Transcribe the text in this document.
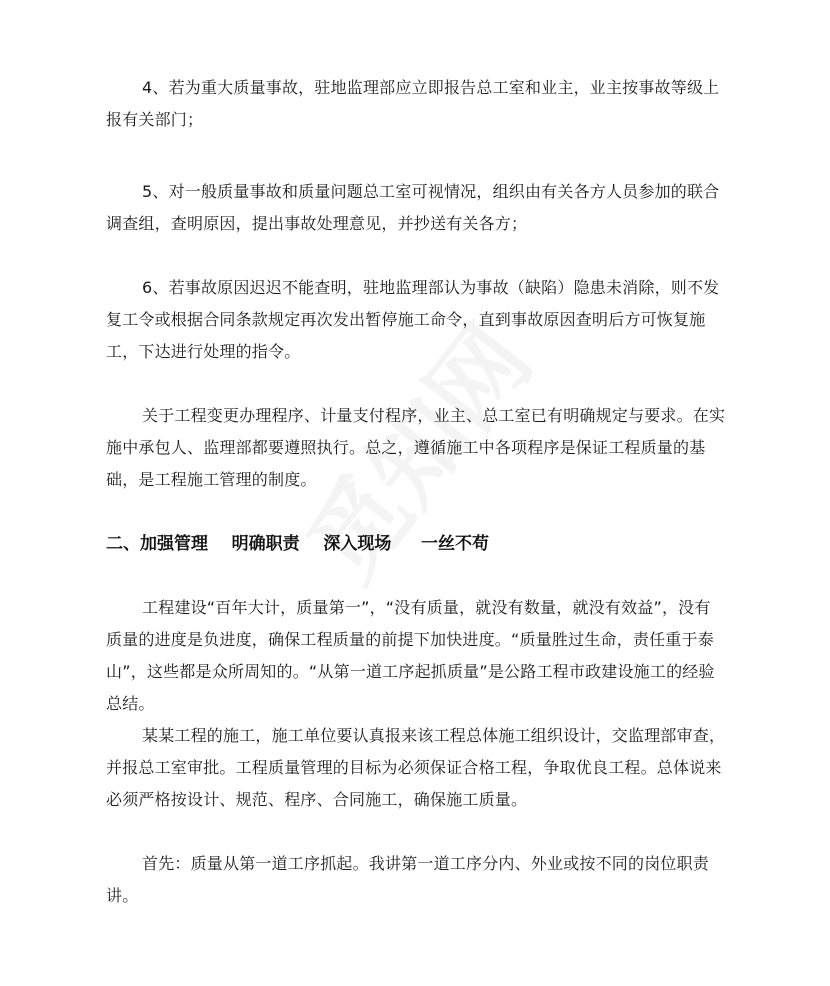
4、若为重大质量事故，驻地监理部应立即报告总工室和业主，业主按事故等级上报有关部门；

5、对一般质量事故和质量问题总工室可视情况，组织由有关各方人员参加的联合调查组，查明原因，提出事故处理意见，并抄送有关各方；

6、若事故原因迟迟不能查明，驻地监理部认为事故（缺陷）隐患未消除，则不发复工令或根据合同条款规定再次发出暂停施工命令，直到事故原因查明后方可恢复施工，下达进行处理的指令。

关于工程变更办理程序、计量支付程序，业主、总工室已有明确规定与要求。在实施中承包人、监理部都要遵照执行。总之，遵循施工中各项程序是保证工程质量的基础，是工程施工管理的制度。

二、加强管理    明确职责    深入现场     一丝不苟

工程建设“百年大计，质量第一”，“没有质量，就没有数量，就没有效益”，没有质量的进度是负进度，确保工程质量的前提下加快进度。“质量胜过生命，责任重于泰山”，这些都是众所周知的。“从第一道工序起抓质量”是公路工程市政建设施工的经验总结。

某某工程的施工，施工单位要认真报来该工程总体施工组织设计，交监理部审查，并报总工室审批。工程质量管理的目标为必须保证合格工程，争取优良工程。总体说来必须严格按设计、规范、程序、合同施工，确保施工质量。

首先：质量从第一道工序抓起。我讲第一道工序分内、外业或按不同的岗位职责讲。
